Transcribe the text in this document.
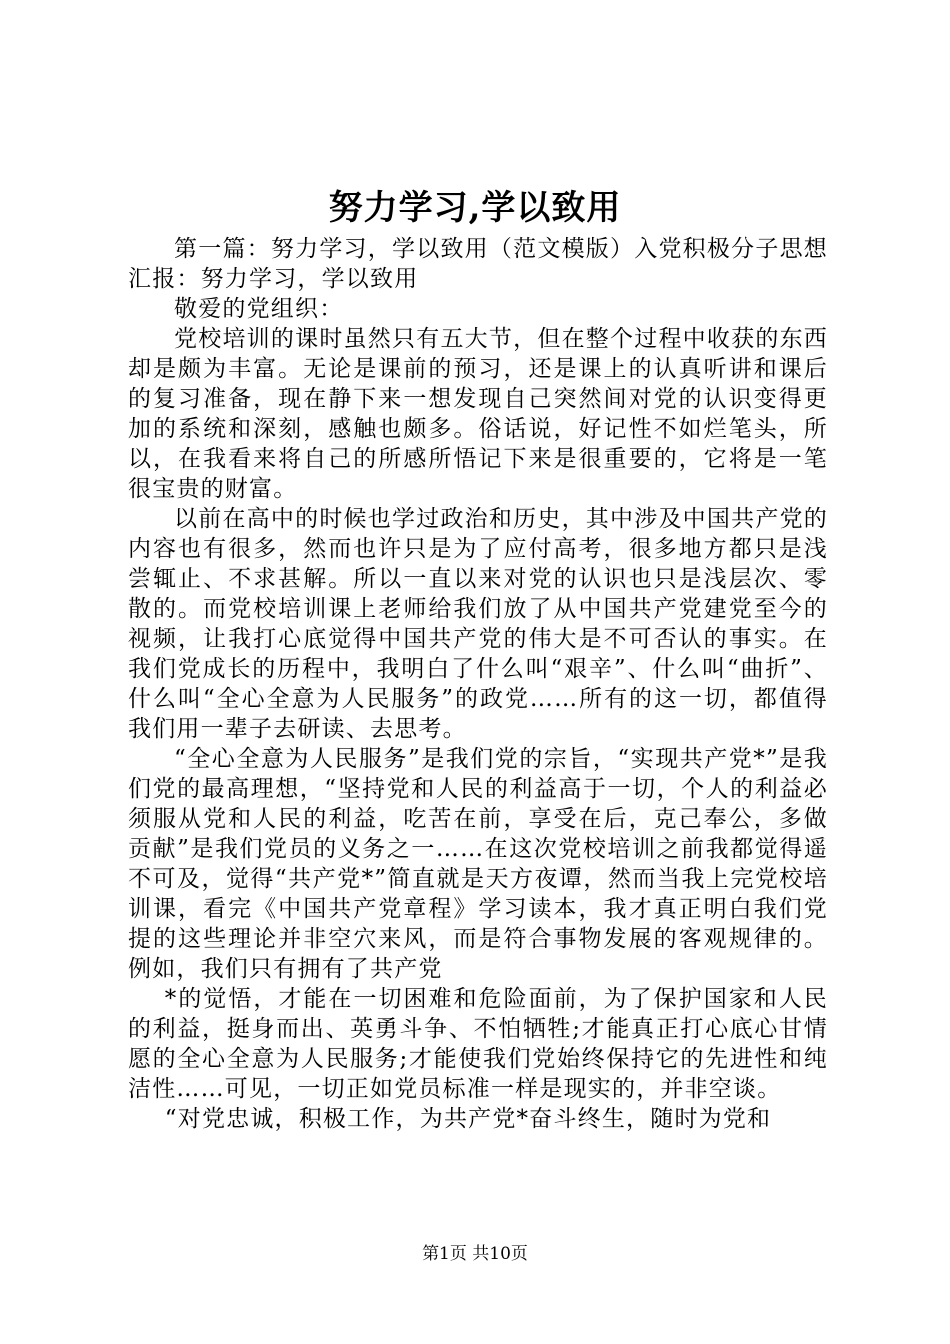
努力学习,学以致用

第一篇：努力学习，学以致用（范文模版）入党积极分子思想汇报：努力学习，学以致用

敬爱的党组织：

党校培训的课时虽然只有五大节，但在整个过程中收获的东西却是颇为丰富。无论是课前的预习，还是课上的认真听讲和课后的复习准备，现在静下来一想发现自己突然间对党的认识变得更加的系统和深刻，感触也颇多。俗话说，好记性不如烂笔头，所以，在我看来将自己的所感所悟记下来是很重要的，它将是一笔很宝贵的财富。

以前在高中的时候也学过政治和历史，其中涉及中国共产党的内容也有很多，然而也许只是为了应付高考，很多地方都只是浅尝辄止、不求甚解。所以一直以来对党的认识也只是浅层次、零散的。而党校培训课上老师给我们放了从中国共产党建党至今的视频，让我打心底觉得中国共产党的伟大是不可否认的事实。在我们党成长的历程中，我明白了什么叫“艰辛”、什么叫“曲折”、什么叫“全心全意为人民服务”的政党……所有的这一切，都值得我们用一辈子去研读、去思考。

“全心全意为人民服务”是我们党的宗旨，“实现共产党*”是我们党的最高理想，“坚持党和人民的利益高于一切，个人的利益必须服从党和人民的利益，吃苦在前，享受在后，克己奉公，多做贡献”是我们党员的义务之一……在这次党校培训之前我都觉得遥不可及，觉得“共产党*”简直就是天方夜谭，然而当我上完党校培训课，看完《中国共产党章程》学习读本，我才真正明白我们党提的这些理论并非空穴来风，而是符合事物发展的客观规律的。例如，我们只有拥有了共产党

*的觉悟，才能在一切困难和危险面前，为了保护国家和人民的利益，挺身而出、英勇斗争、不怕牺牲;才能真正打心底心甘情愿的全心全意为人民服务;才能使我们党始终保持它的先进性和纯洁性……可见，一切正如党员标准一样是现实的，并非空谈。

“对党忠诚，积极工作，为共产党*奋斗终生，随时为党和

第1页 共10页
